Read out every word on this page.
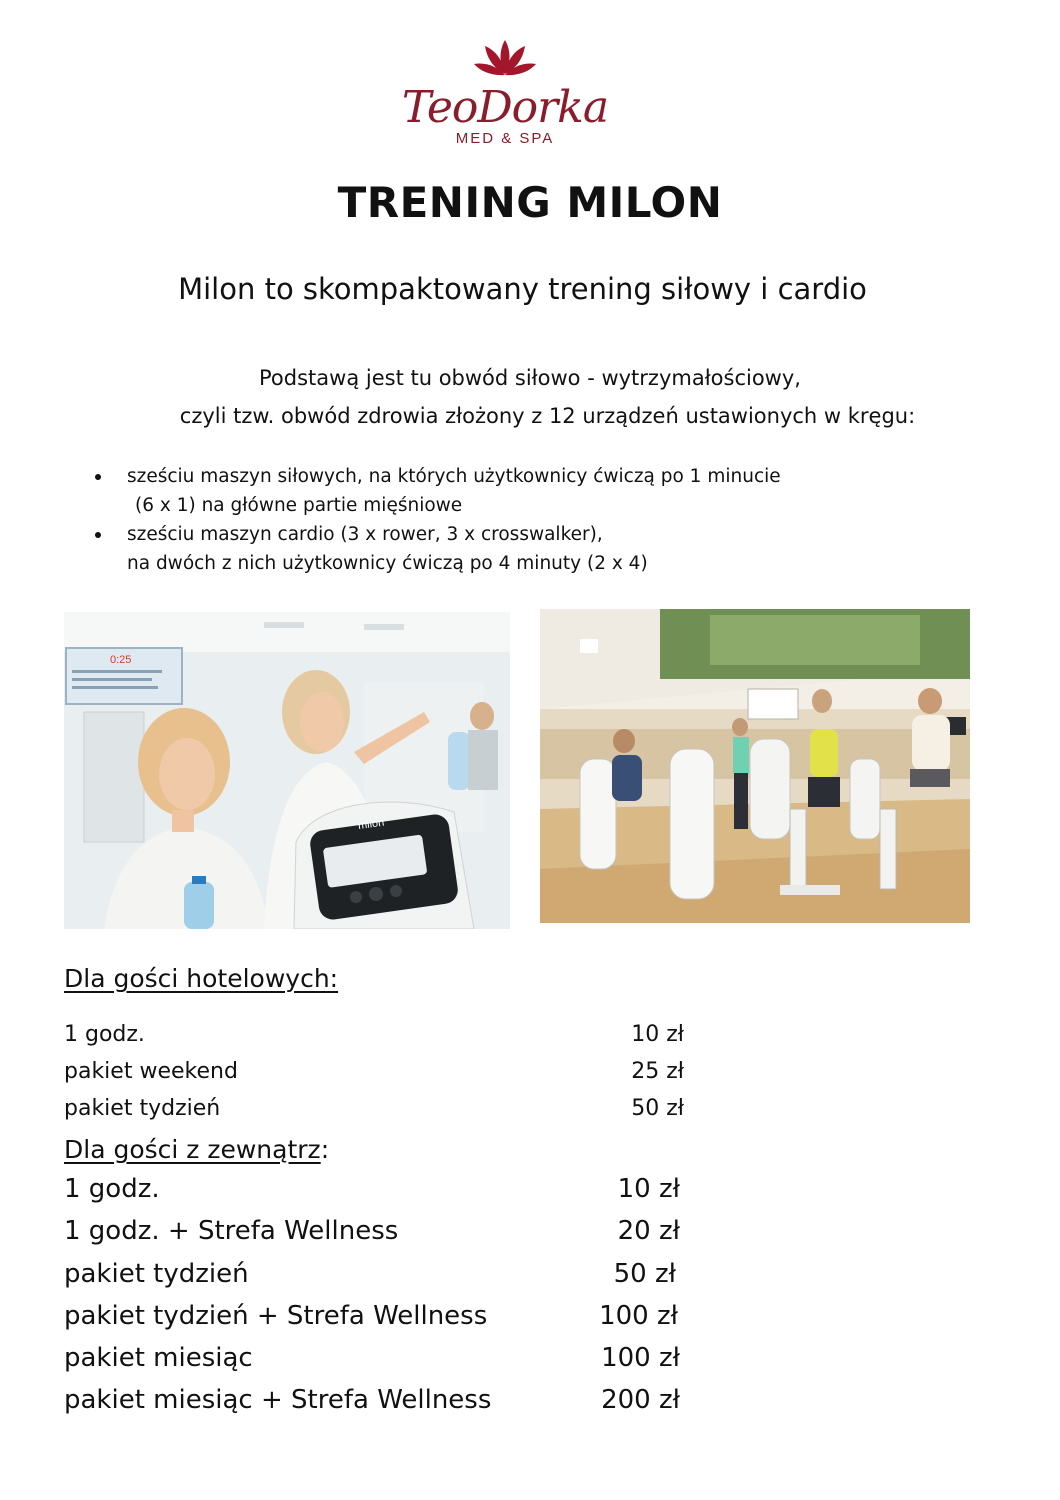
TeoDorka
MED & SPA
TRENING MILON
Milon to skompaktowany trening siłowy i cardio
Podstawą jest tu obwód siłowo - wytrzymałościowy,
czyli tzw. obwód zdrowia złożony z 12 urządzeń ustawionych w kręgu:
sześciu maszyn siłowych, na których użytkownicy ćwiczą po 1 minucie

(6 x 1) na główne partie mięśniowe
sześciu maszyn cardio (3 x rower, 3 x crosswalker),
na dwóch z nich użytkownicy ćwiczą po 4 minuty (2 x 4)
0:25
milon
Dla gości hotelowych:
1 godz.	10 zł
pakiet weekend	25 zł
pakiet tydzień	50 zł
Dla gości z zewnątrz:
1 godz.	10 zł
1 godz. + Strefa Wellness	20 zł
pakiet tydzień	50 zł
pakiet tydzień + Strefa Wellness	100 zł
pakiet miesiąc	100 zł
pakiet miesiąc + Strefa Wellness	200 zł
